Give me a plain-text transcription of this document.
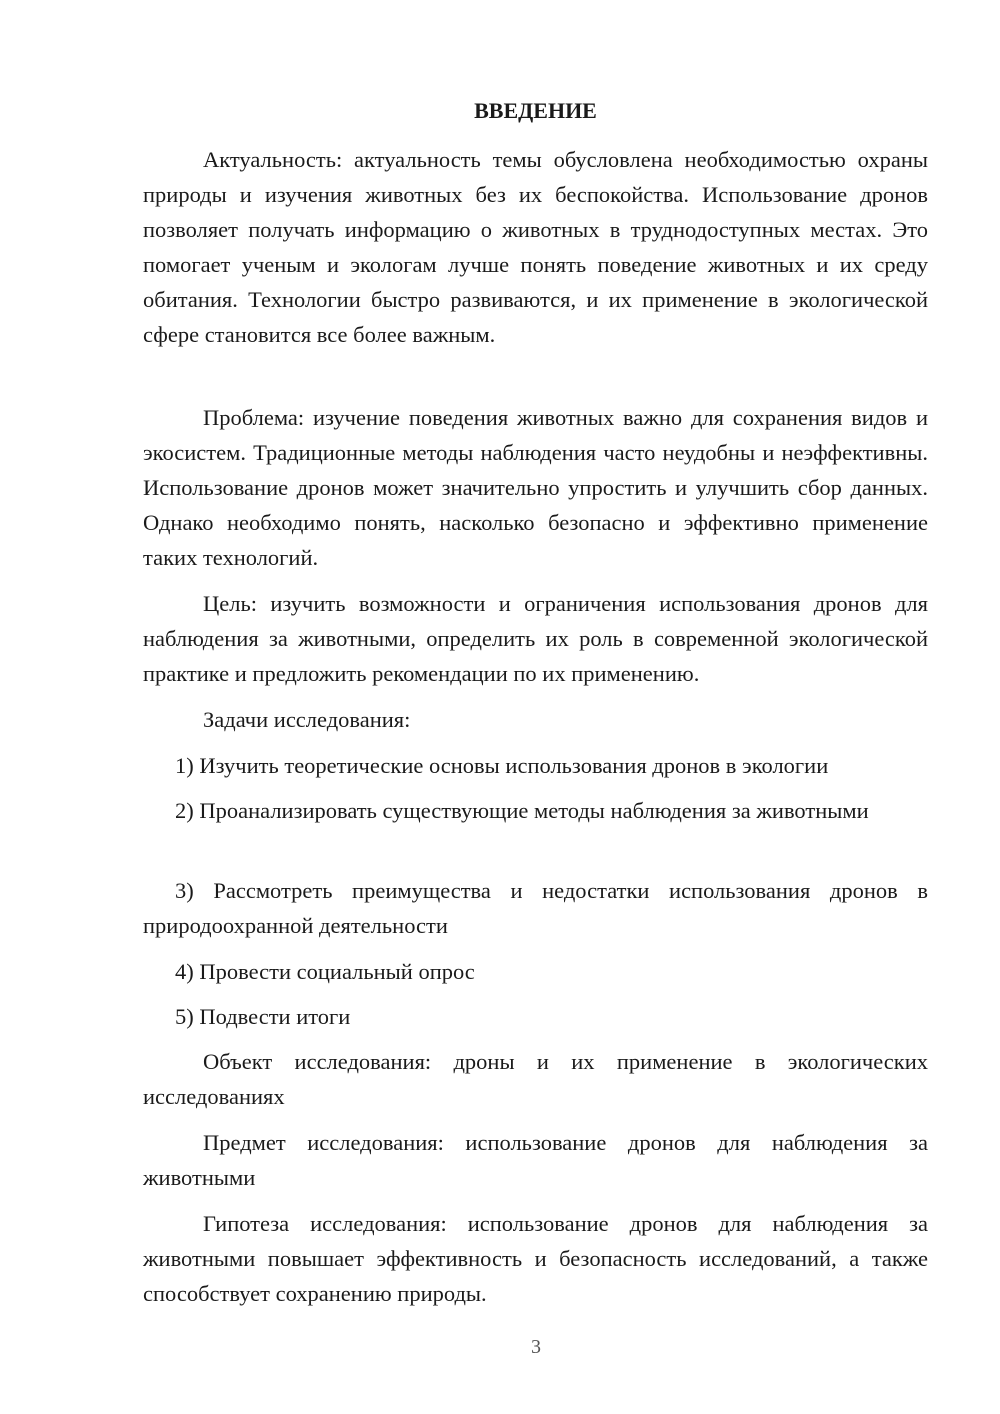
ВВЕДЕНИЕ

Актуальность: актуальность темы обусловлена необходимостью охраны природы и изучения животных без их беспокойства. Использование дронов позволяет получать информацию о животных в труднодоступных местах. Это помогает ученым и экологам лучше понять поведение животных и их среду обитания. Технологии быстро развиваются, и их применение в экологической сфере становится все более важным.

Проблема: изучение поведения животных важно для сохранения видов и экосистем. Традиционные методы наблюдения часто неудобны и неэффективны. Использование дронов может значительно упростить и улучшить сбор данных. Однако необходимо понять, насколько безопасно и эффективно применение таких технологий.

Цель: изучить возможности и ограничения использования дронов для наблюдения за животными, определить их роль в современной экологической практике и предложить рекомендации по их применению.

Задачи исследования:

1) Изучить теоретические основы использования дронов в экологии

2) Проанализировать существующие методы наблюдения за животными

3) Рассмотреть преимущества и недостатки использования дронов в природоохранной деятельности

4) Провести социальный опрос

5) Подвести итоги

Объект исследования: дроны и их применение в экологических исследованиях

Предмет исследования: использование дронов для наблюдения за животными

Гипотеза исследования: использование дронов для наблюдения за животными повышает эффективность и безопасность исследований, а также способствует сохранению природы.

3
